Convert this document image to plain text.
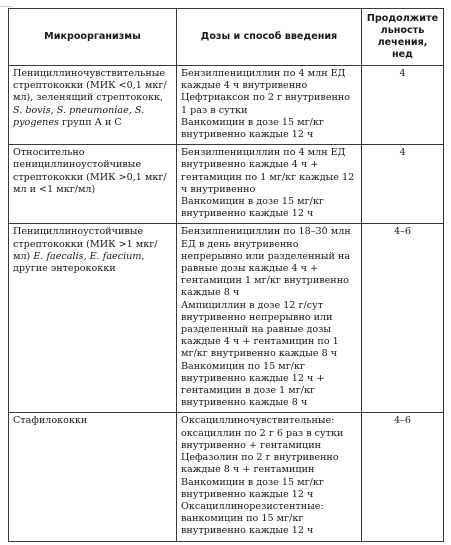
Микроорганизмы	Дозы и способ введения	Продолжительность лечения, нед
Пенициллиночувствительные стрептококки (МИК <0,1 мкг/мл), зеленящий стрептококк, S. bovis, S. pneumoniae, S. pyogenes групп А и С	Бензилпенициллин по 4 млн ЕД каждые 4 ч внутривенно
Цефтриаксон по 2 г внутривенно 1 раз в сутки
Ванкомицин в дозе 15 мг/кг внутривенно каждые 12 ч	4
Относительно пенициллиноустойчивые стрептококки (МИК >0,1 мкг/мл и <1 мкг/мл)	Бензилпенициллин по 4 млн ЕД внутривенно каждые 4 ч + гентамицин по 1 мг/кг каждые 12 ч внутривенно
Ванкомицин в дозе 15 мг/кг внутривенно каждые 12 ч	4
Пенициллиноустойчивые стрептококки (МИК >1 мкг/мл) E. faecalis, E. faecium, другие энтерококки	Бензилпенициллин по 18–30 млн ЕД в день внутривенно непрерывно или разделенный на равные дозы каждые 4 ч + гентамицин 1 мг/кг внутривенно каждые 8 ч
Ампициллин в дозе 12 г/сут внутривенно непрерывно или разделенный на равные дозы каждые 4 ч + гентамицин по 1 мг/кг внутривенно каждые 8 ч
Ванкомицин по 15 мг/кг внутривенно каждые 12 ч + гентамицин в дозе 1 мг/кг внутривенно каждые 8 ч	4–6
Стафилококки	Оксациллиночувствительные: оксациллин по 2 г 6 раз в сутки внутривенно + гентамицин
Цефазолин по 2 г внутривенно каждые 8 ч + гентамицин
Ванкомицин в дозе 15 мг/кг внутривенно каждые 12 ч
Оксациллинорезистентные: ванкомицин по 15 мг/кг внутривенно каждые 12 ч	4–6
